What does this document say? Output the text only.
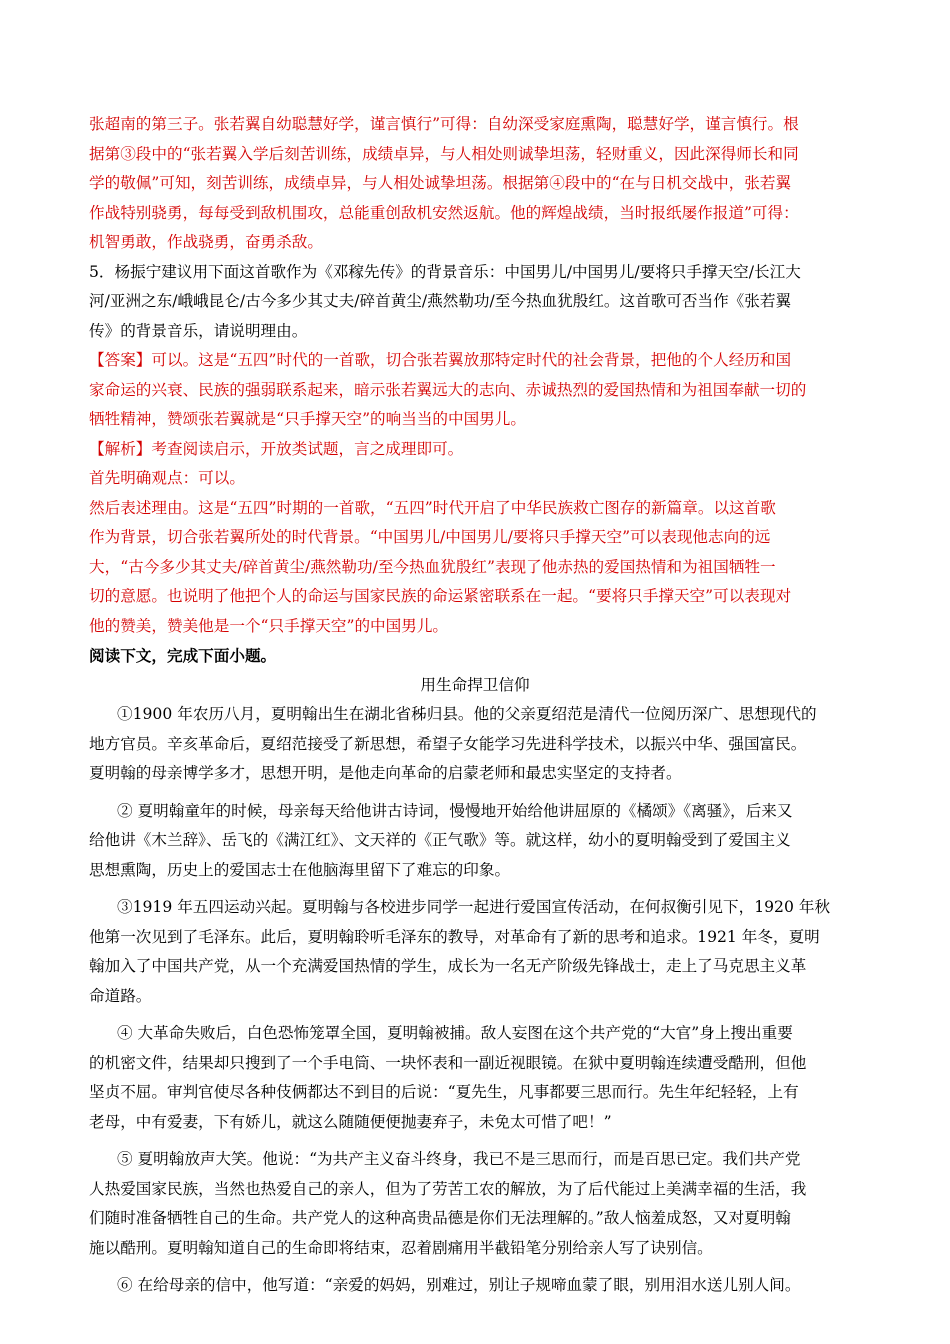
张超南的第三子。张若翼自幼聪慧好学，谨言慎行”可得：自幼深受家庭熏陶，聪慧好学，谨言慎行。根
据第③段中的“张若翼入学后刻苦训练，成绩卓异，与人相处则诚挚坦荡，轻财重义，因此深得师长和同
学的敬佩”可知，刻苦训练，成绩卓异，与人相处诚挚坦荡。根据第④段中的“在与日机交战中，张若翼
作战特别骁勇，每每受到敌机围攻，总能重创敌机安然返航。他的辉煌战绩，当时报纸屡作报道”可得：
机智勇敢，作战骁勇，奋勇杀敌。
5．杨振宁建议用下面这首歌作为《邓稼先传》的背景音乐：中国男儿/中国男儿/要将只手撑天空/长江大
河/亚洲之东/峨峨昆仑/古今多少其丈夫/碎首黄尘/燕然勒功/至今热血犹殷红。这首歌可否当作《张若翼
传》的背景音乐，请说明理由。
【答案】可以。这是“五四”时代的一首歌，切合张若翼放那特定时代的社会背景，把他的个人经历和国
家命运的兴衰、民族的强弱联系起来，暗示张若翼远大的志向、赤诚热烈的爱国热情和为祖国奉献一切的
牺牲精神，赞颂张若翼就是“只手撑天空”的响当当的中国男儿。
【解析】考查阅读启示，开放类试题，言之成理即可。
首先明确观点：可以。
然后表述理由。这是“五四”时期的一首歌，“五四”时代开启了中华民族救亡图存的新篇章。以这首歌
作为背景，切合张若翼所处的时代背景。“中国男儿/中国男儿/要将只手撑天空”可以表现他志向的远
大，“古今多少其丈夫/碎首黄尘/燕然勒功/至今热血犹殷红”表现了他赤热的爱国热情和为祖国牺牲一
切的意愿。也说明了他把个人的命运与国家民族的命运紧密联系在一起。“要将只手撑天空”可以表现对
他的赞美，赞美他是一个“只手撑天空”的中国男儿。
阅读下文，完成下面小题。
用生命捍卫信仰
①1900 年农历八月，夏明翰出生在湖北省秭归县。他的父亲夏绍范是清代一位阅历深广、思想现代的
地方官员。辛亥革命后，夏绍范接受了新思想，希望子女能学习先进科学技术，以振兴中华、强国富民。
夏明翰的母亲博学多才，思想开明，是他走向革命的启蒙老师和最忠实坚定的支持者。
② 夏明翰童年的时候，母亲每天给他讲古诗词，慢慢地开始给他讲屈原的《橘颂》《离骚》，后来又
给他讲《木兰辞》、岳飞的《满江红》、文天祥的《正气歌》等。就这样，幼小的夏明翰受到了爱国主义
思想熏陶，历史上的爱国志士在他脑海里留下了难忘的印象。
③1919 年五四运动兴起。夏明翰与各校进步同学一起进行爱国宣传活动，在何叔衡引见下，1920 年秋
他第一次见到了毛泽东。此后，夏明翰聆听毛泽东的教导，对革命有了新的思考和追求。1921 年冬，夏明
翰加入了中国共产党，从一个充满爱国热情的学生，成长为一名无产阶级先锋战士，走上了马克思主义革
命道路。
④ 大革命失败后，白色恐怖笼罩全国，夏明翰被捕。敌人妄图在这个共产党的“大官”身上搜出重要
的机密文件，结果却只搜到了一个手电筒、一块怀表和一副近视眼镜。在狱中夏明翰连续遭受酷刑，但他
坚贞不屈。审判官使尽各种伎俩都达不到目的后说：“夏先生，凡事都要三思而行。先生年纪轻轻，上有
老母，中有爱妻，下有娇儿，就这么随随便便抛妻弃子，未免太可惜了吧！”
⑤ 夏明翰放声大笑。他说：“为共产主义奋斗终身，我已不是三思而行，而是百思已定。我们共产党
人热爱国家民族，当然也热爱自己的亲人，但为了劳苦工农的解放，为了后代能过上美满幸福的生活，我
们随时准备牺牲自己的生命。共产党人的这种高贵品德是你们无法理解的。”敌人恼羞成怒，又对夏明翰
施以酷刑。夏明翰知道自己的生命即将结束，忍着剧痛用半截铅笔分别给亲人写了诀别信。
⑥ 在给母亲的信中，他写道：“亲爱的妈妈，别难过，别让子规啼血蒙了眼，别用泪水送儿别人间。
